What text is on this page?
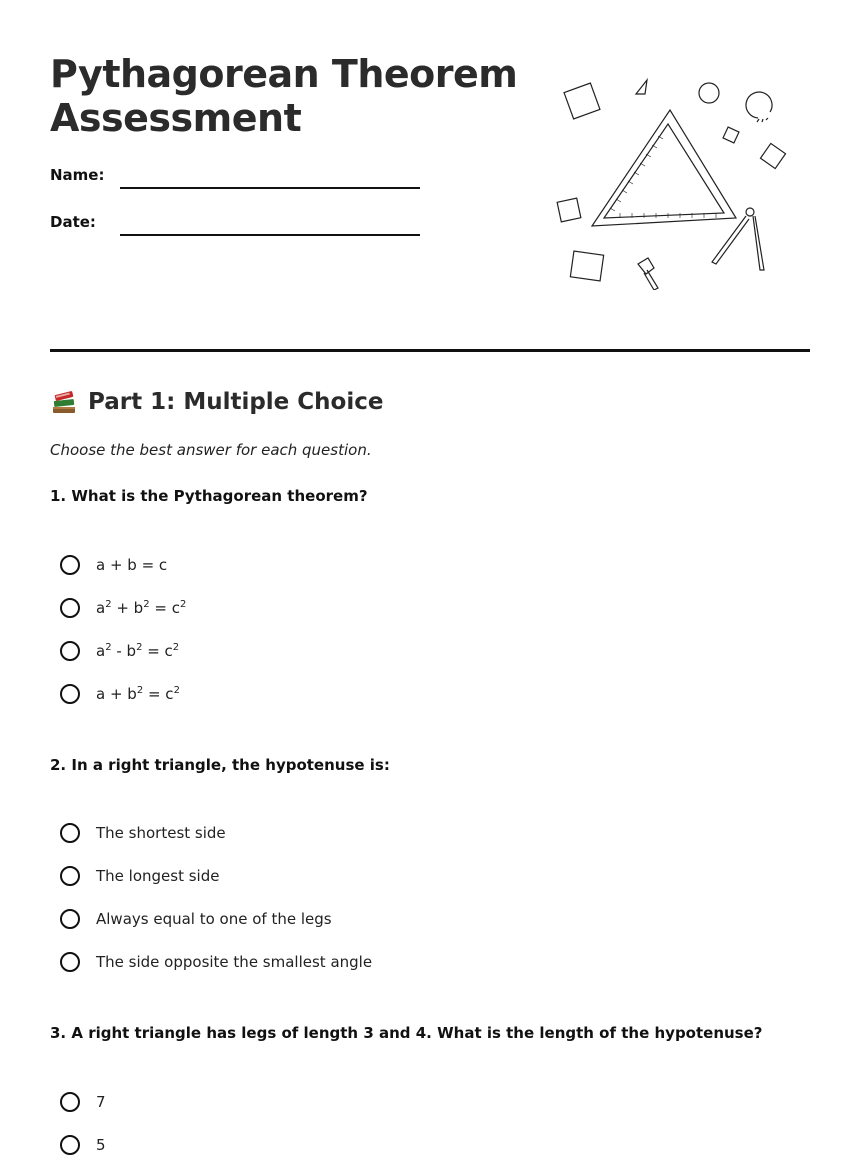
Pythagorean Theorem
Assessment
Name:
Date:
Part 1: Multiple Choice
Choose the best answer for each question.
1. What is the Pythagorean theorem?
a + b = c
$a^2 + b^2 = c^2$
$a^2 - b^2 = c^2$
$a + b^2 = c^2$
2. In a right triangle, the hypotenuse is:
The shortest side
The longest side
Always equal to one of the legs
The side opposite the smallest angle
3. A right triangle has legs of length 3 and 4. What is the length of the hypotenuse?
7
5
